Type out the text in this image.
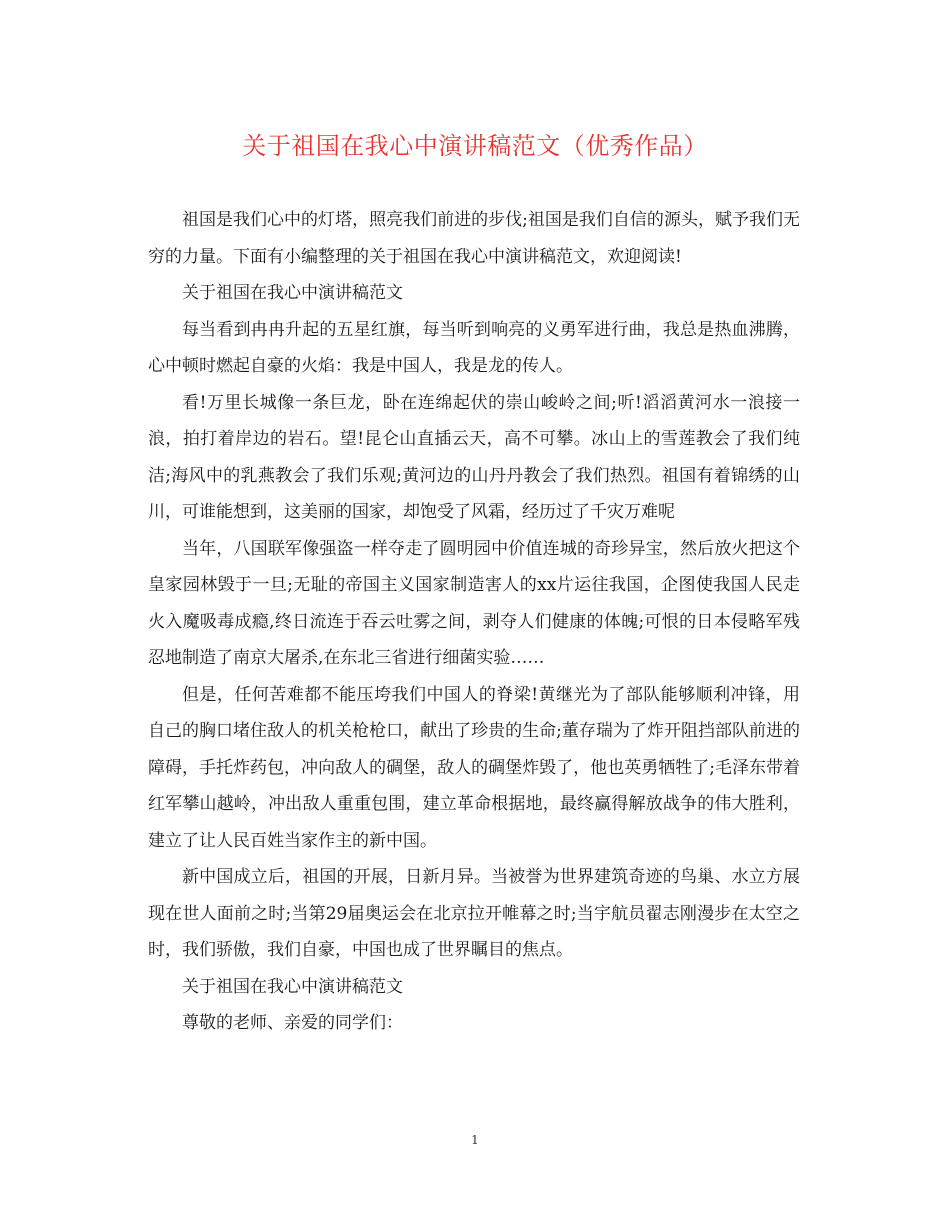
关于祖国在我心中演讲稿范文（优秀作品）

祖国是我们心中的灯塔，照亮我们前进的步伐;祖国是我们自信的源头，赋予我们无穷的力量。下面有小编整理的关于祖国在我心中演讲稿范文，欢迎阅读!

关于祖国在我心中演讲稿范文

每当看到冉冉升起的五星红旗，每当听到响亮的义勇军进行曲，我总是热血沸腾，心中顿时燃起自豪的火焰：我是中国人，我是龙的传人。

看!万里长城像一条巨龙，卧在连绵起伏的崇山峻岭之间;听!滔滔黄河水一浪接一浪，拍打着岸边的岩石。望!昆仑山直插云天，高不可攀。冰山上的雪莲教会了我们纯洁;海风中的乳燕教会了我们乐观;黄河边的山丹丹教会了我们热烈。祖国有着锦绣的山川，可谁能想到，这美丽的国家，却饱受了风霜，经历过了千灾万难呢

当年，八国联军像强盗一样夺走了圆明园中价值连城的奇珍异宝，然后放火把这个皇家园林毁于一旦;无耻的帝国主义国家制造害人的xx片运往我国，企图使我国人民走火入魔吸毒成瘾,终日流连于吞云吐雾之间，剥夺人们健康的体魄;可恨的日本侵略军残忍地制造了南京大屠杀,在东北三省进行细菌实验……

但是，任何苦难都不能压垮我们中国人的脊梁!黄继光为了部队能够顺利冲锋，用自己的胸口堵住敌人的机关枪枪口，献出了珍贵的生命;董存瑞为了炸开阻挡部队前进的障碍，手托炸药包，冲向敌人的碉堡，敌人的碉堡炸毁了，他也英勇牺牲了;毛泽东带着红军攀山越岭，冲出敌人重重包围，建立革命根据地，最终赢得解放战争的伟大胜利，建立了让人民百姓当家作主的新中国。

新中国成立后，祖国的开展，日新月异。当被誉为世界建筑奇迹的鸟巢、水立方展现在世人面前之时;当第29届奥运会在北京拉开帷幕之时;当宇航员翟志刚漫步在太空之时，我们骄傲，我们自豪，中国也成了世界瞩目的焦点。

关于祖国在我心中演讲稿范文

尊敬的老师、亲爱的同学们：

1
